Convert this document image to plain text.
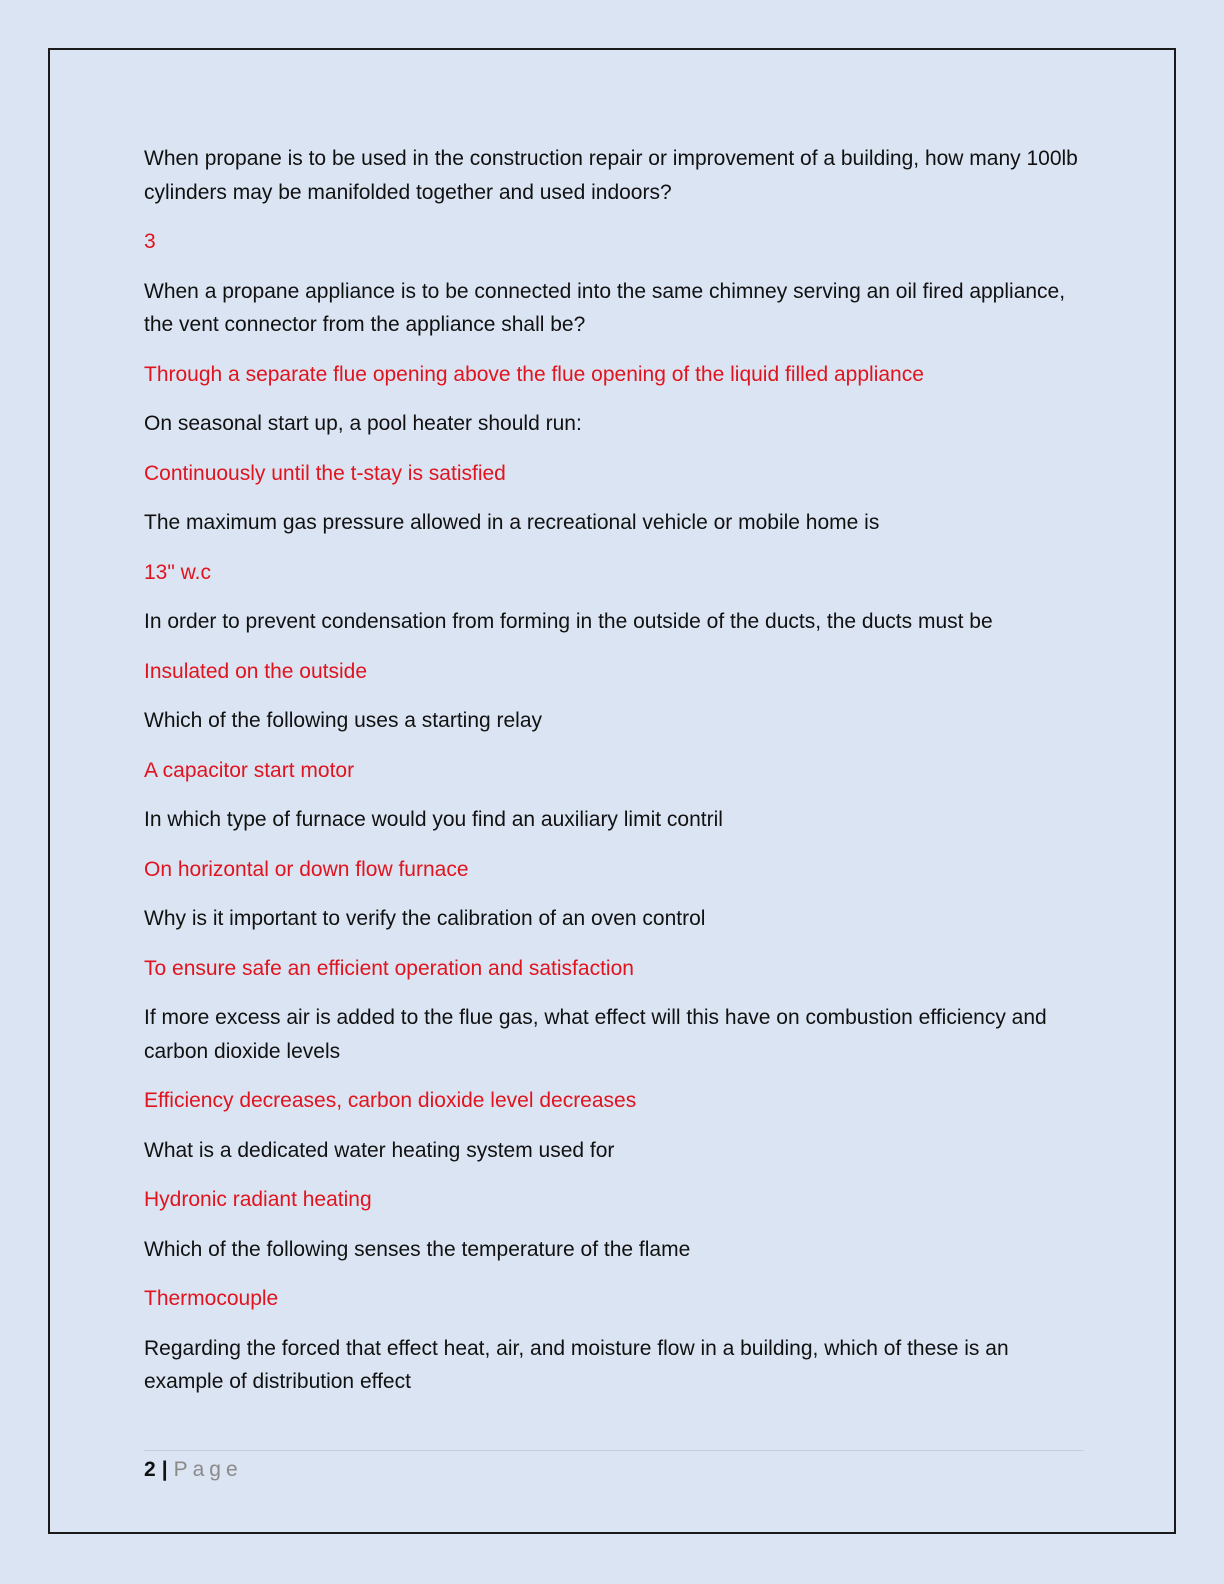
When propane is to be used in the construction repair or improvement of a building, how many 100lb cylinders may be manifolded together and used indoors?

3

When a propane appliance is to be connected into the same chimney serving an oil fired appliance, the vent connector from the appliance shall be?

Through a separate flue opening above the flue opening of the liquid filled appliance

On seasonal start up, a pool heater should run:

Continuously until the t-stay is satisfied

The maximum gas pressure allowed in a recreational vehicle or mobile home is

13" w.c

In order to prevent condensation from forming in the outside of the ducts, the ducts must be

Insulated on the outside

Which of the following uses a starting relay

A capacitor start motor

In which type of furnace would you find an auxiliary limit contril

On horizontal or down flow furnace

Why is it important to verify the calibration of an oven control

To ensure safe an efficient operation and satisfaction

If more excess air is added to the flue gas, what effect will this have on combustion efficiency and carbon dioxide levels

Efficiency decreases, carbon dioxide level decreases

What is a dedicated water heating system used for

Hydronic radiant heating

Which of the following senses the temperature of the flame

Thermocouple

Regarding the forced that effect heat, air, and moisture flow in a building, which of these is an example of distribution effect

2 | Page
